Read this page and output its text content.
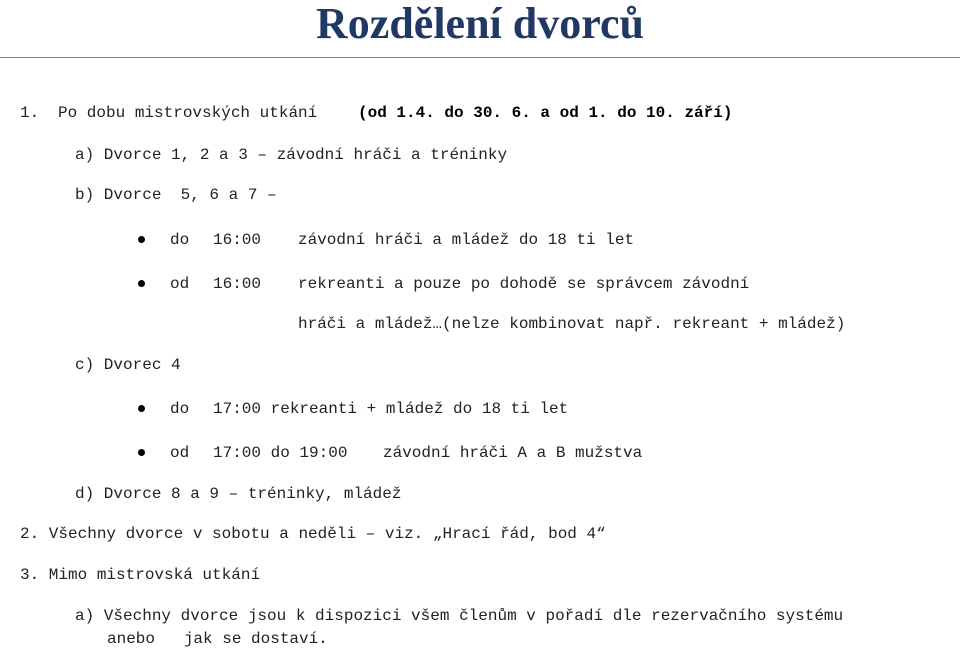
Rozdělení dvorců
1. Po dobu mistrovských utkání	(od 1.4. do 30. 6. a od 1. do 10. září)
a) Dvorce 1, 2 a 3 – závodní hráči a tréninky
b) Dvorce  5, 6 a 7 –
do 16:00 závodní hráči a mládež do 18 ti let
od 16:00 rekreanti a pouze po dohodě se správcem závodní
hráči a mládež…(nelze kombinovat např. rekreant + mládež)
c) Dvorec 4
do 17:00 rekreanti + mládež do 18 ti let
od 17:00 do 19:00 závodní hráči A a B mužstva
d) Dvorce 8 a 9 – tréninky, mládež
2. Všechny dvorce v sobotu a neděli – viz. „Hrací řád, bod 4“
3. Mimo mistrovská utkání
a) Všechny dvorce jsou k dispozici všem členům v pořadí dle rezervačního systému
anebo   jak se dostaví.
